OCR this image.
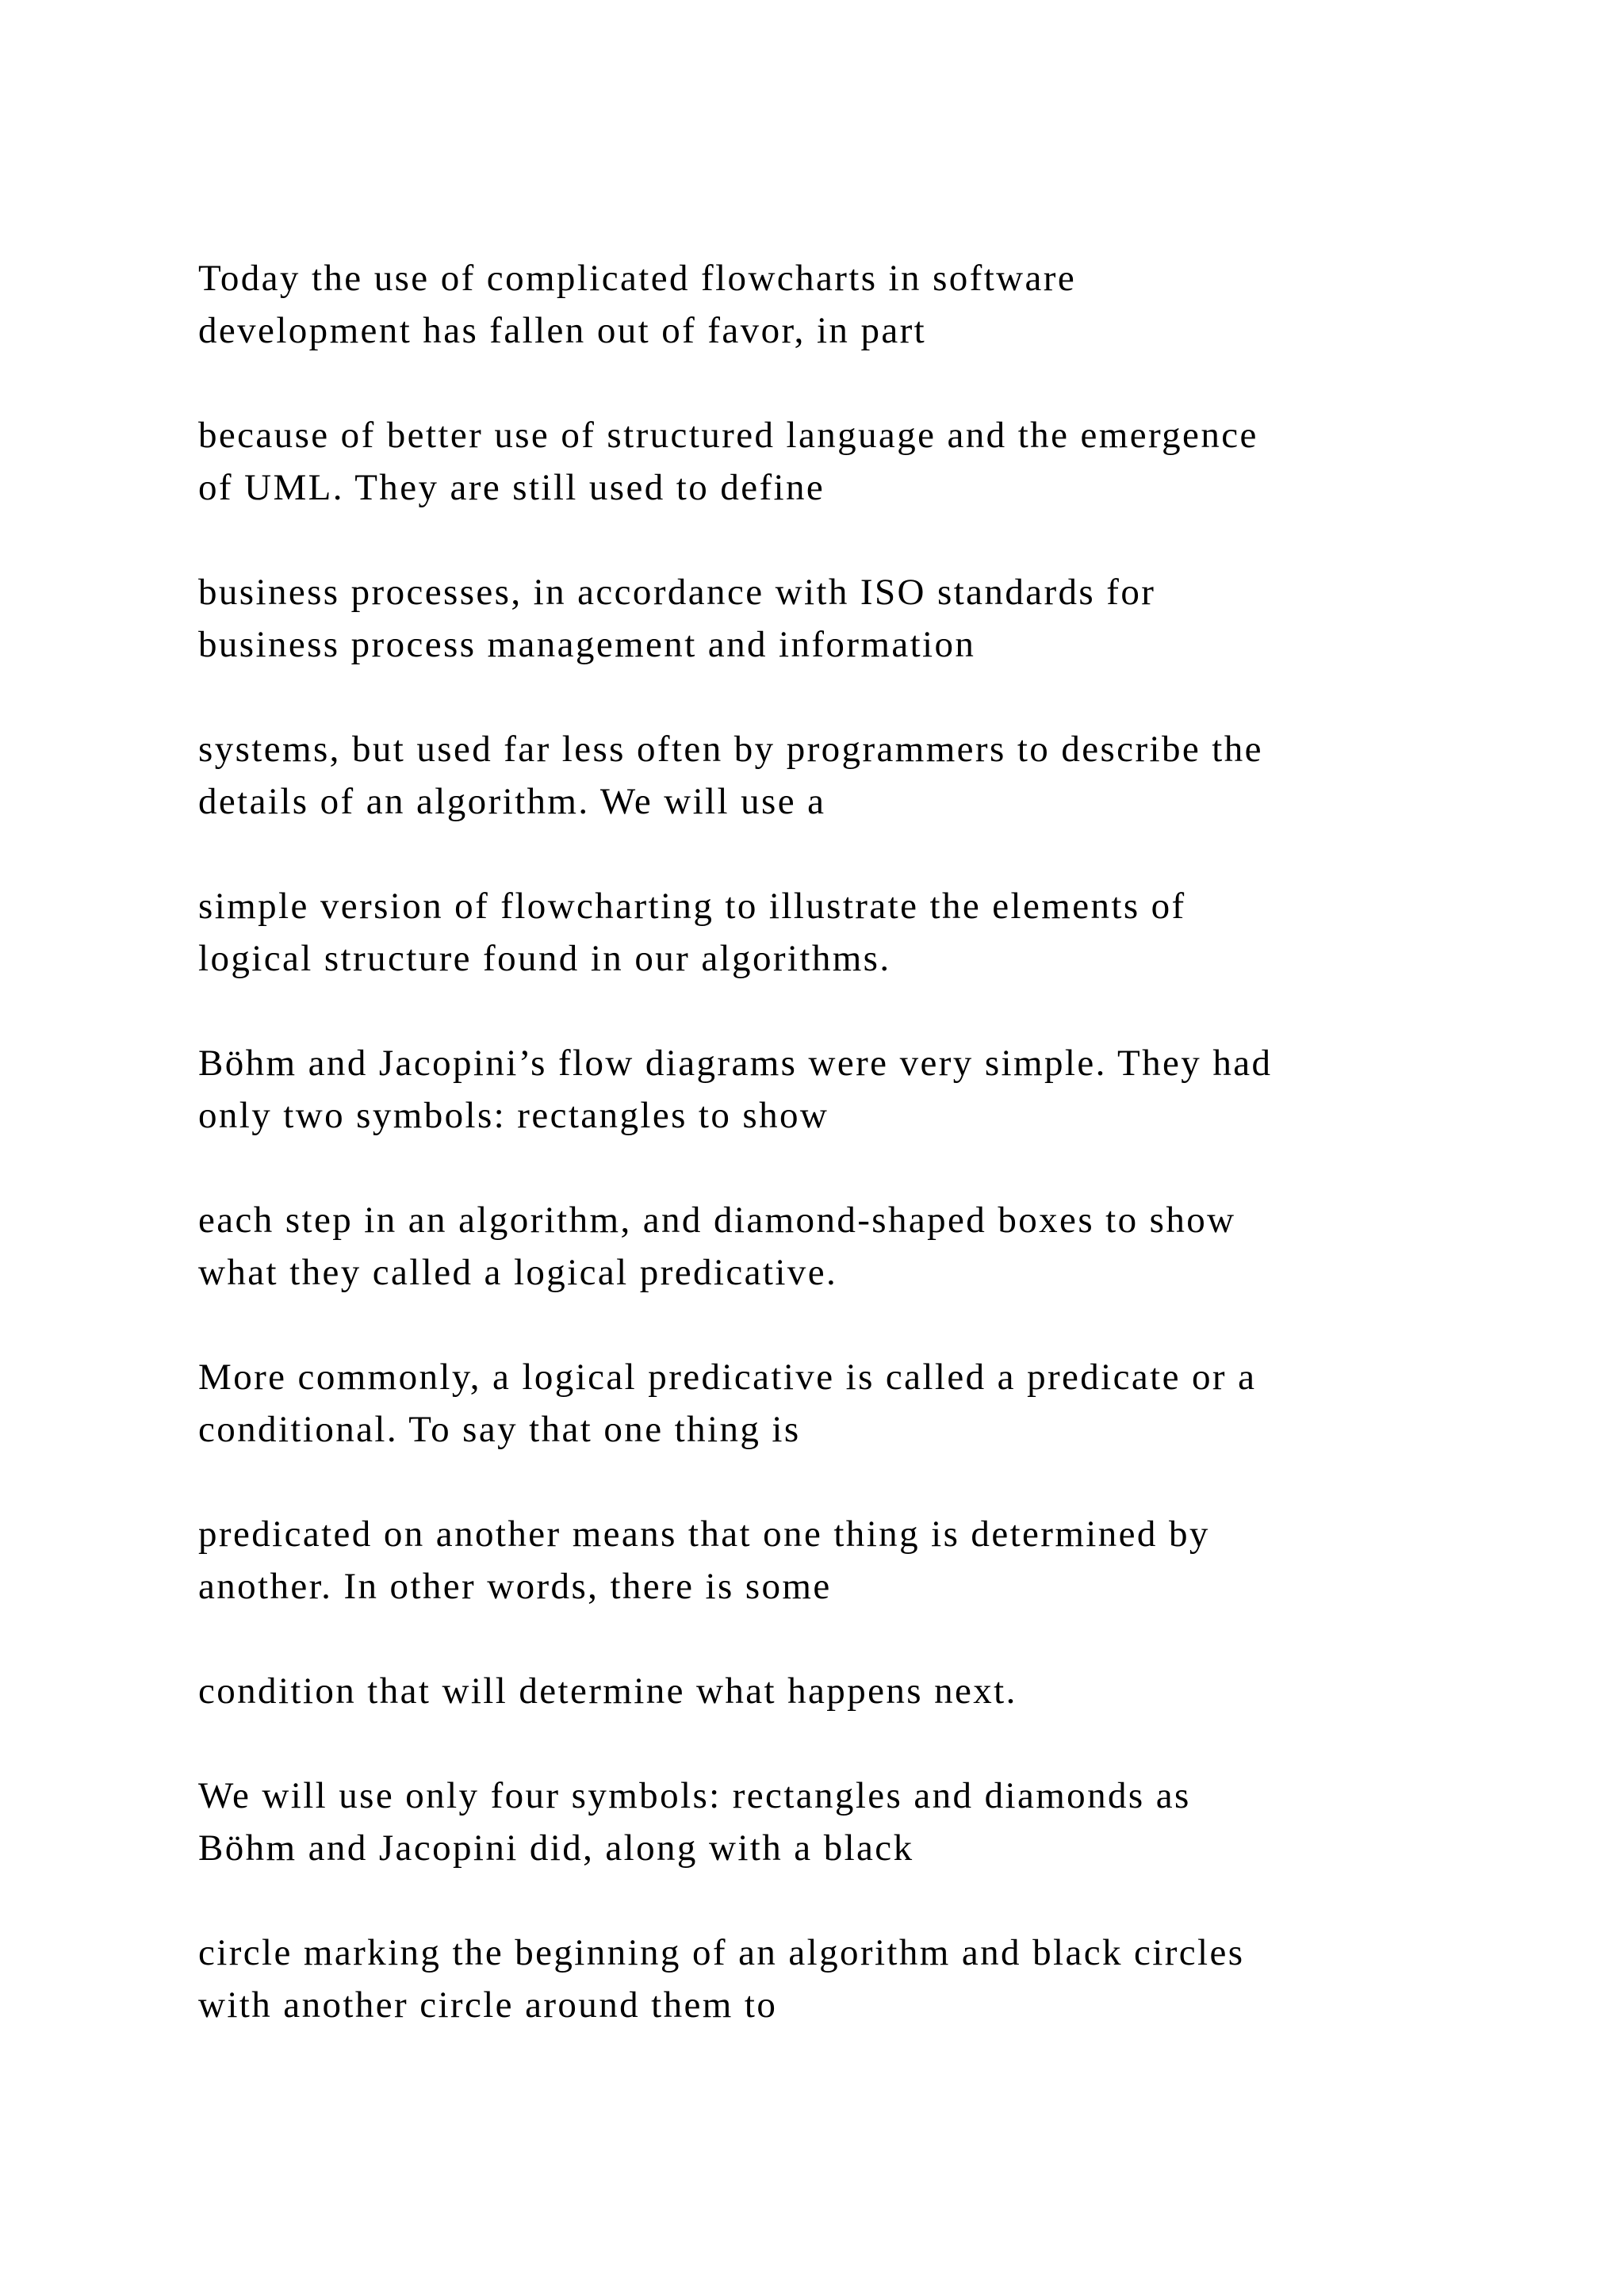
Today the use of complicated flowcharts in software
development has fallen out of favor, in part

because of better use of structured language and the emergence
of UML. They are still used to define

business processes, in accordance with ISO standards for
business process management and information

systems, but used far less often by programmers to describe the
details of an algorithm. We will use a

simple version of flowcharting to illustrate the elements of
logical structure found in our algorithms.

Böhm and Jacopini’s flow diagrams were very simple. They had
only two symbols: rectangles to show

each step in an algorithm, and diamond-shaped boxes to show
what they called a logical predicative.

More commonly, a logical predicative is called a predicate or a
conditional. To say that one thing is

predicated on another means that one thing is determined by
another. In other words, there is some

condition that will determine what happens next.

We will use only four symbols: rectangles and diamonds as
Böhm and Jacopini did, along with a black

circle marking the beginning of an algorithm and black circles
with another circle around them to
